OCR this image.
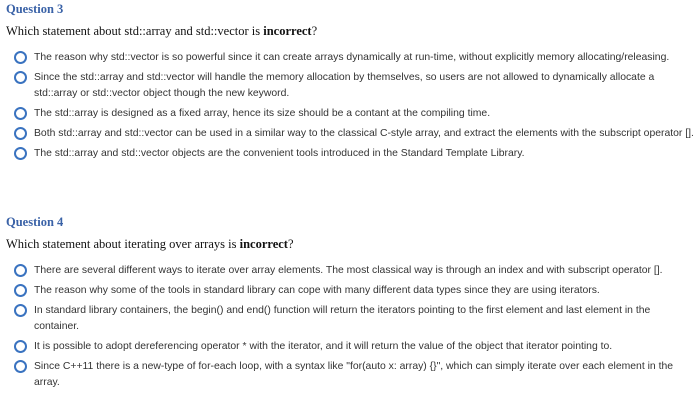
Question 3
Which statement about std::array and std::vector is incorrect?
The reason why std::vector is so powerful since it can create arrays dynamically at run-time, without explicitly memory allocating/releasing.
Since the std::array and std::vector will handle the memory allocation by themselves, so users are not allowed to dynamically allocate a std::array or std::vector object though the new keyword.
The std::array is designed as a fixed array, hence its size should be a contant at the compiling time.
Both std::array and std::vector can be used in a similar way to the classical C-style array, and extract the elements with the subscript operator [].
The std::array and std::vector objects are the convenient tools introduced in the Standard Template Library.
Question 4
Which statement about iterating over arrays is incorrect?
There are several different ways to iterate over array elements. The most classical way is through an index and with subscript operator [].
The reason why some of the tools in standard library can cope with many different data types since they are using iterators.
In standard library containers, the begin() and end() function will return the iterators pointing to the first element and last element in the container.
It is possible to adopt dereferencing operator * with the iterator, and it will return the value of the object that iterator pointing to.
Since C++11 there is a new-type of for-each loop, with a syntax like "for(auto x: array) {}", which can simply iterate over each element in the array.
